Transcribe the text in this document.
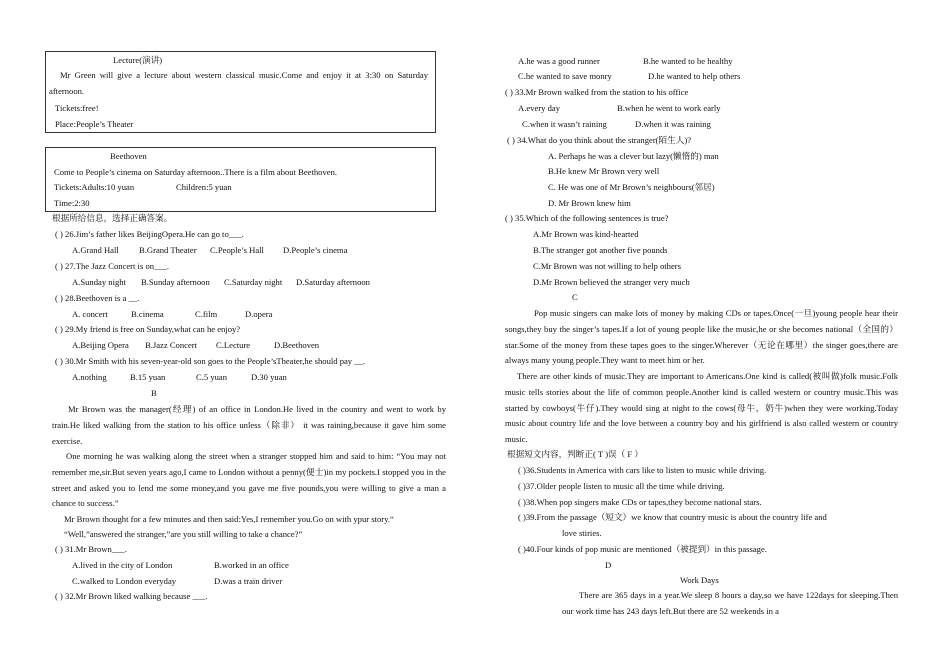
Lecture(演讲)
Mr Green will give a lecture about western classical music.Come and enjoy it at 3:30 on Saturday afternoon.
Tickets:free!
Place:People’s Theater
Beethoven
Come to People’s cinema on Saturday afternoon..There is a film about Beethoven.
Tickets:Adults:10 yuan	Children:5 yuan
Time:2:30
根据所给信息，选择正确答案。
( ) 26.Jim’s father likes BeijingOpera.He can go to___.
A.Grand Hall B.Grand Theater C.People’s Hall D.People’s cinema
( ) 27.The Jazz Concert is on___.
A.Sunday night B.Sunday afternoon C.Saturday night D.Saturday afternoon
( ) 28.Beethoven is a __.
A. concert	B.cinema	C.film	D.opera
( ) 29.My friend is free on Sunday,what can he enjoy?
A.Beijing Opera B.Jazz Concert C.Lecture	D.Beethoven
( ) 30.Mr Smith with his seven-year-old son goes to the People’sTheater,he should pay __.
A.nothing	B.15 yuan	C.5 yuan	D.30 yuan
B
Mr Brown was the manager(经理) of an office in London.He lived in the country and went to work by train.He liked walking from the station to his office unless（除非） it was raining,because it gave him some exercise.
One morning he was walking along the street when a stranger stopped him and said to him: “You may not remember me,sir.But seven years ago,I came to London without a penny(便士)in my pockets.I stopped you in the street and asked you to lend me some money,and you gave me five pounds,you were willing to give a man a chance to success.”
Mr Brown thought for a few minutes and then said:Yes,I remember you.Go on with ypur story.“
“Well,”answered the stranger,”are you still willing to take a chance?”
( ) 31.Mr Brown___.
A.lived in the city of London	B.worked in an office
C.walked to London everyday	D.was a train driver
( ) 32.Mr Brown liked walking because ___.
A.he was a good runner	B.he wanted to be healthy
C.he wanted to save monry	D.he wanted to help others
( ) 33.Mr Brown walked from the station to his office
A.every day	B.when he went to work early
C.when it wasn’t raining	D.when it was raining
( ) 34.What do you think about the stranger(陌生人)?
A. Perhaps he was a clever but lazy(懒惰的) man
B.He knew Mr Brown very well
C. He was one of Mr Brown’s neighbours(邻居)
D. Mr Brown knew him
( ) 35.Which of the following sentences is true?
A.Mr Brown was kind-hearted
B.The stranger got another five pounds
C.Mr Brown was not willing to help others
D.Mr Brown believed the stranger very much
C
Pop music singers can make lots of money by making CDs or tapes.Once(一旦)young people hear their songs,they buy the singer’s tapes.If a lot of young people like the music,he or she becomes national（全国的）star.Some of the money from these tapes goes to the singer.Wherever（无论在哪里）the singer goes,there are always many young people.They want to meet him or her.
There are other kinds of music.They are important to Americans.One kind is called(被叫做)folk music.Folk music tells stories about the life of common people.Another kind is called western or country music.This was started by cowboys(牛仔).They would sing at night to the cows(母牛，奶牛)when they were working.Today music about country life and the love between a country boy and his girlfriend is also called western or country music.
根据短文内容，判断正( T )误（ F ）
( )36.Students in America with cars like to listen to music while driving.
( )37.Older people listen to music all the time while driving.
( )38.When pop singers make CDs or tapes,they become national stars.
( )39.From the passage（短文）we know that country music is about the country life and
love stiries.
( )40.Four kinds of pop music are mentioned（被提到）in this passage.
D
Work Days
There are 365 days in a year.We sleep 8 hours a day,so we have 122days for sleeping.Then our work time has 243 days left.But there are 52 weekends in a
